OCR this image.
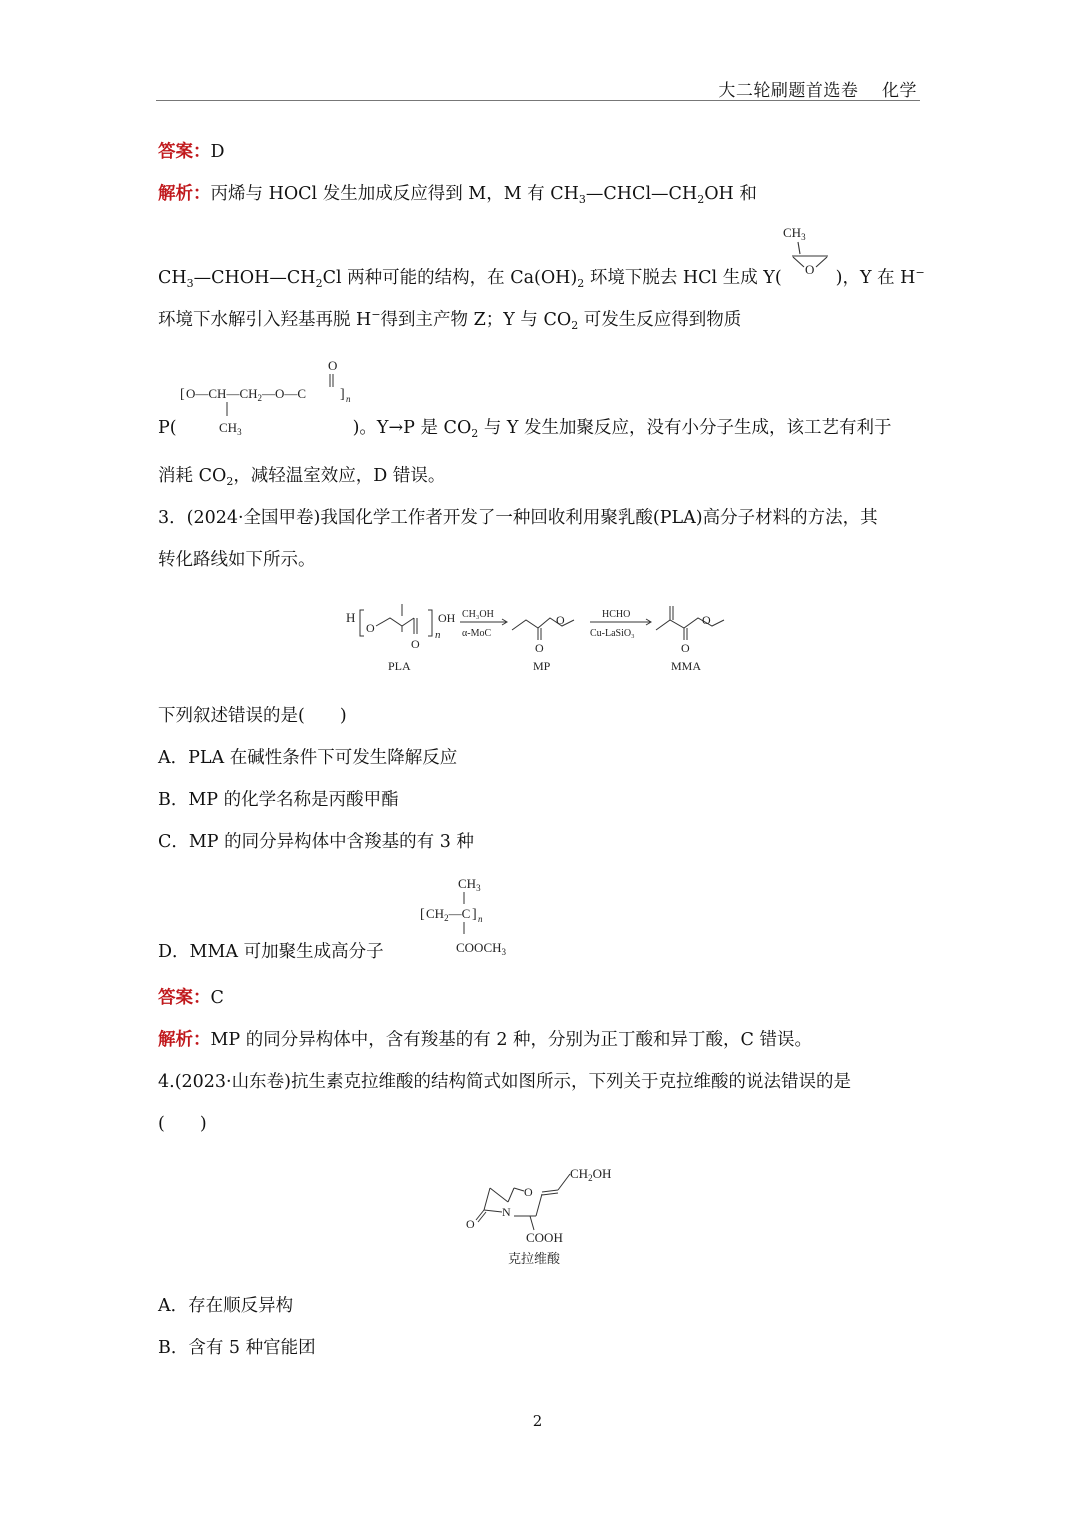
大二轮刷题首选卷 化学
答案：D
解析：丙烯与 HOCl 发生加成反应得到 M，M 有 $CH_3—CHCl—CH_2OH$ 和
$CH_3$
O
$CH_3—CHOH—CH_2Cl$ 两种可能的结构，在 $Ca(OH)_2$ 环境下脱去 HCl 生成 Y(	)，Y 在 H−
环境下水解引入羟基再脱 H−得到主产物 Z；Y 与 $CO_2$ 可发生反应得到物质
O
[ $O—CH—CH_2—O—C$ ] n
$CH_3$
P(	)。Y→P 是 $CO_2$ 与 Y 发生加聚反应，没有小分子生成，该工艺有利于
消耗 $CO_2$，减轻温室效应，D 错误。
3．(2024·全国甲卷)我国化学工作者开发了一种回收利用聚乳酸(PLA)高分子材料的方法，其
转化路线如下所示。
H
O
O
n
OH
PLA
CH₃OH
α-MoC
O
O
MP
HCHO
Cu-LaSiO₃
O
O
MMA
下列叙述错误的是(　　)
A．PLA 在碱性条件下可发生降解反应
B．MP 的化学名称是丙酸甲酯
C．MP 的同分异构体中含羧基的有 3 种
$CH_3$
[ $CH_2—C$ ] n
$COOCH_3$
D．MMA 可加聚生成高分子
答案：C
解析：MP 的同分异构体中，含有羧基的有 2 种，分别为正丁酸和异丁酸，C 错误。
4.(2023·山东卷)抗生素克拉维酸的结构简式如图所示，下列关于克拉维酸的说法错误的是
(　　)
$CH_2OH$
O
N
O
COOH
克拉维酸
A．存在顺反异构
B．含有 5 种官能团
2
